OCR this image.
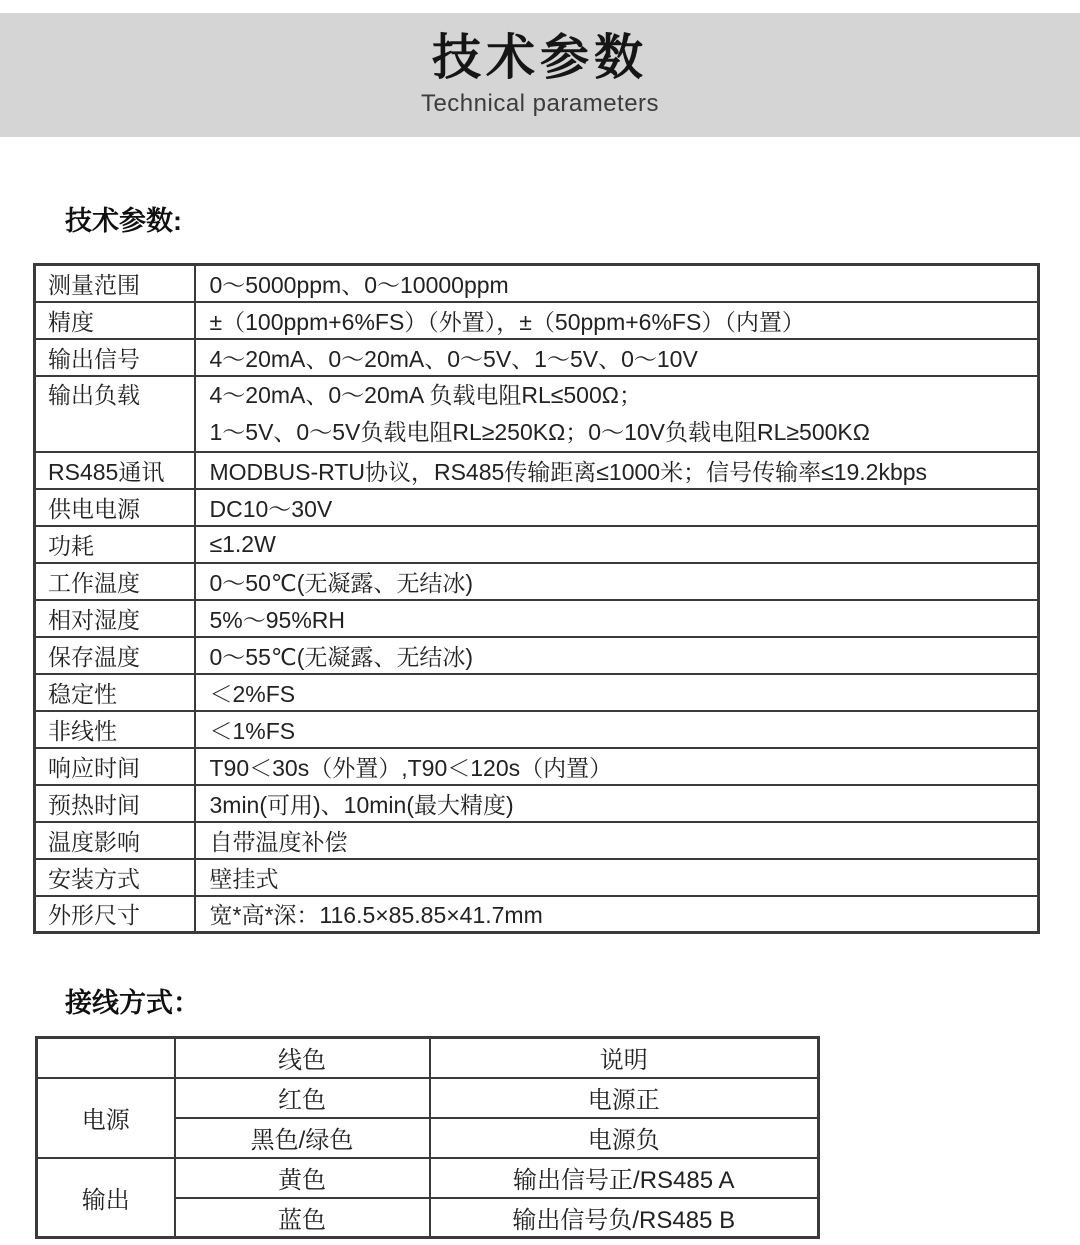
技术参数
Technical parameters
技术参数:
测量范围	0～5000ppm、0～10000ppm
精度	±（100ppm+6%FS）（外置），±（50ppm+6%FS）（内置）
输出信号	4～20mA、0～20mA、0～5V、1～5V、0～10V
输出负载	4～20mA、0～20mA 负载电阻RL≤500Ω；
1～5V、0～5V负载电阻RL≥250KΩ；0～10V负载电阻RL≥500KΩ

RS485通讯	MODBUS-RTU协议，RS485传输距离≤1000米；信号传输率≤19.2kbps
供电电源	DC10～30V
功耗	≤1.2W
工作温度	0～50℃(无凝露、无结冰)
相对湿度	5%～95%RH
保存温度	0～55℃(无凝露、无结冰)
稳定性	＜2%FS
非线性	＜1%FS
响应时间	T90＜30s（外置）,T90＜120s（内置）
预热时间	3min(可用)、10min(最大精度)
温度影响	自带温度补偿
安装方式	壁挂式
外形尺寸	宽*高*深：116.5×85.85×41.7mm
接线方式：
	线色	说明
电源	红色	电源正
	黑色/绿色	电源负
输出	黄色	输出信号正/RS485 A
	蓝色	输出信号负/RS485 B
